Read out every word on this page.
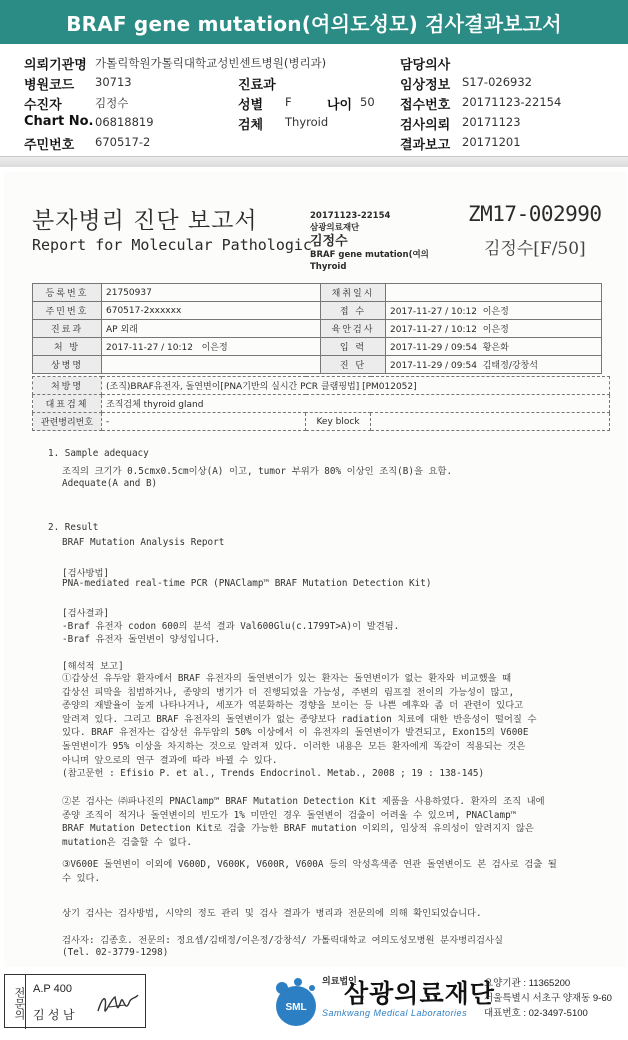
BRAF gene mutation(여의도성모) 검사결과보고서
의뢰기관명 가톨릭학원가톨릭대학교성빈센트병원(병리과)	담당의사
병원코드 30713	진료과	임상정보 S17-026932
수진자	김정수	성별 F	나이 50 접수번호 20171123-22154
Chart No. 06818819	검체 Thyroid	검사의뢰 20171123
주민번호 670517-2	결과보고 20171201
분자병리 진단 보고서
Report for Molecular Pathologic
20171123-22154
삼광의료재단
김정수
BRAF gene mutation(여의
Thyroid
ZM17-002990
김정수[F/50]
등록번호	21750937	채취일시	
주민번호	670517-2xxxxxx	접 수	2017-11-27 / 10:12 이은정
진료과	AP 외래	육안검사	2017-11-27 / 10:12 이은정
처 방	2017-11-27 / 10:12 이은정	입 력	2017-11-29 / 09:54 황은화
상병명		진 단	2017-11-29 / 09:54 김태정/강창석
처방명	(조직)BRAF유전자, 돌연변이[PNA기반의 실시간 PCR 클램핑법] [PM012052]		
대표검체	조직검체 thyroid gland		
관련병리번호	-	Key block	
1. Sample adequacy
조직의 크기가 0.5cmx0.5cm이상(A) 이고, tumor 부위가 80% 이상인 조직(B)을 요함.
Adequate(A and B)
2. Result
BRAF Mutation Analysis Report
[검사방법]
PNA-mediated real-time PCR (PNAClamp™ BRAF Mutation Detection Kit)
[검사결과]
-Braf 유전자 codon 600의 분석 결과 Val600Glu(c.1799T>A)이 발견됨.
-Braf 유전자 돌연변이 양성입니다.
[해석적 보고]
①갑상선 유두암 환자에서 BRAF 유전자의 돌연변이가 있는 환자는 돌연변이가 없는 환자와 비교했을 때
갑상선 피막을 침범하거나, 종양의 병기가 더 진행되었을 가능성, 주변의 림프절 전이의 가능성이 많고,
종양의 재발율이 높게 나타나거나, 세포가 역분화하는 경향을 보이는 등 나쁜 예후와 좀 더 관련이 있다고
알려져 있다. 그리고 BRAF 유전자의 돌연변이가 없는 종양보다 radiation 치료에 대한 반응성이 떨어질 수
있다. BRAF 유전자는 갑상선 유두암의 50% 이상에서 이 유전자의 돌연변이가 발견되고, Exon15의 V600E
돌연변이가 95% 이상을 차지하는 것으로 알려져 있다. 이러한 내용은 모든 환자에게 똑같이 적용되는 것은
아니며 앞으로의 연구 결과에 따라 바뀔 수 있다.
(참고문헌 : Efisio P. et al., Trends Endocrinol. Metab., 2008 ; 19 : 138-145)
②본 검사는 ㈜파나진의 PNAClamp™ BRAF Mutation Detection Kit 제품을 사용하였다. 환자의 조직 내에
종양 조직이 적거나 돌연변이의 빈도가 1% 미만인 경우 돌연변이 검출이 어려울 수 있으며, PNAClamp™
BRAF Mutation Detection Kit로 검출 가능한 BRAF mutation 이외의, 임상적 유의성이 알려지지 않은
mutation은 검출할 수 없다.
③V600E 돌연변이 이외에 V600D, V600K, V600R, V600A 등의 악성흑색종 연관 돌연변이도 본 검사로 검출 될
수 있다.
상기 검사는 검사방법, 시약의 정도 관리 및 검사 결과가 병리과 전문의에 의해 확인되었습니다.
검사자: 김종호. 전문의: 정요셉/김태정/이은정/강창석/ 가톨릭대학교 여의도성모병원 분자병리검사실
(Tel. 02-3779-1298)
전문의 A.P 400
김 성 남
SML
의료법인
삼광의료재단
Samkwang Medical Laboratories
요양기관 : 11365200
서울특별시 서초구 양재동 9-60
대표번호 : 02-3497-5100
